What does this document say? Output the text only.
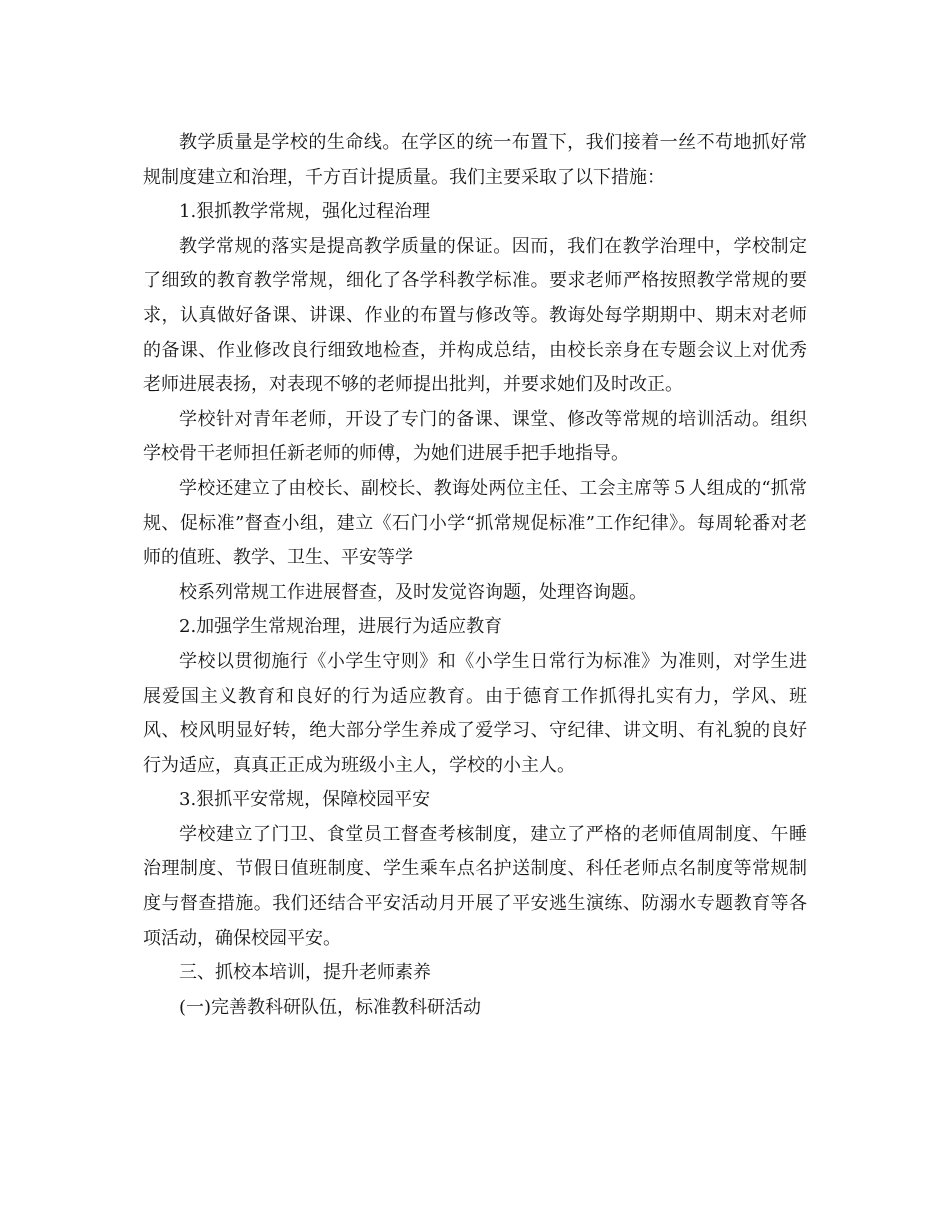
教学质量是学校的生命线。在学区的统一布置下，我们接着一丝不苟地抓好常规制度建立和治理，千方百计提质量。我们主要采取了以下措施：

1.狠抓教学常规，强化过程治理

教学常规的落实是提高教学质量的保证。因而，我们在教学治理中，学校制定了细致的教育教学常规，细化了各学科教学标准。要求老师严格按照教学常规的要求，认真做好备课、讲课、作业的布置与修改等。教诲处每学期期中、期末对老师的备课、作业修改良行细致地检查，并构成总结，由校长亲身在专题会议上对优秀老师进展表扬，对表现不够的老师提出批判，并要求她们及时改正。

学校针对青年老师，开设了专门的备课、课堂、修改等常规的培训活动。组织学校骨干老师担任新老师的师傅，为她们进展手把手地指导。

学校还建立了由校长、副校长、教诲处两位主任、工会主席等５人组成的“抓常规、促标准”督查小组，建立《石门小学“抓常规促标准”工作纪律》。每周轮番对老师的值班、教学、卫生、平安等学

校系列常规工作进展督查，及时发觉咨询题，处理咨询题。

2.加强学生常规治理，进展行为适应教育

学校以贯彻施行《小学生守则》和《小学生日常行为标准》为准则，对学生进展爱国主义教育和良好的行为适应教育。由于德育工作抓得扎实有力，学风、班风、校风明显好转，绝大部分学生养成了爱学习、守纪律、讲文明、有礼貌的良好行为适应，真真正正成为班级小主人，学校的小主人。

3.狠抓平安常规，保障校园平安

学校建立了门卫、食堂员工督查考核制度，建立了严格的老师值周制度、午睡治理制度、节假日值班制度、学生乘车点名护送制度、科任老师点名制度等常规制度与督查措施。我们还结合平安活动月开展了平安逃生演练、防溺水专题教育等各项活动，确保校园平安。

三、抓校本培训，提升老师素养

(一)完善教科研队伍，标准教科研活动
